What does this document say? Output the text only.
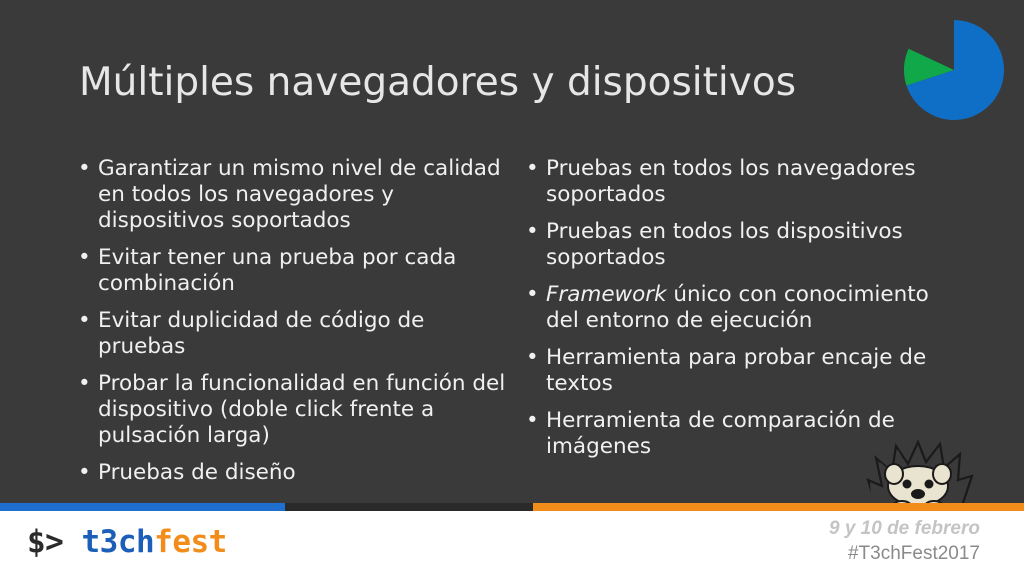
Múltiples navegadores y dispositivos
• Garantizar un mismo nivel de calidad en todos los navegadores y dispositivos soportados
• Evitar tener una prueba por cada combinación
• Evitar duplicidad de código de pruebas
• Probar la funcionalidad en función del dispositivo (doble click frente a pulsación larga)
• Pruebas de diseño
• Pruebas en todos los navegadores soportados
• Pruebas en todos los dispositivos soportados
• Framework único con conocimiento del entorno de ejecución
• Herramienta para probar encaje de textos
• Herramienta de comparación de imágenes
$> t3chfest	9 y 10 de febrero
#T3chFest2017
